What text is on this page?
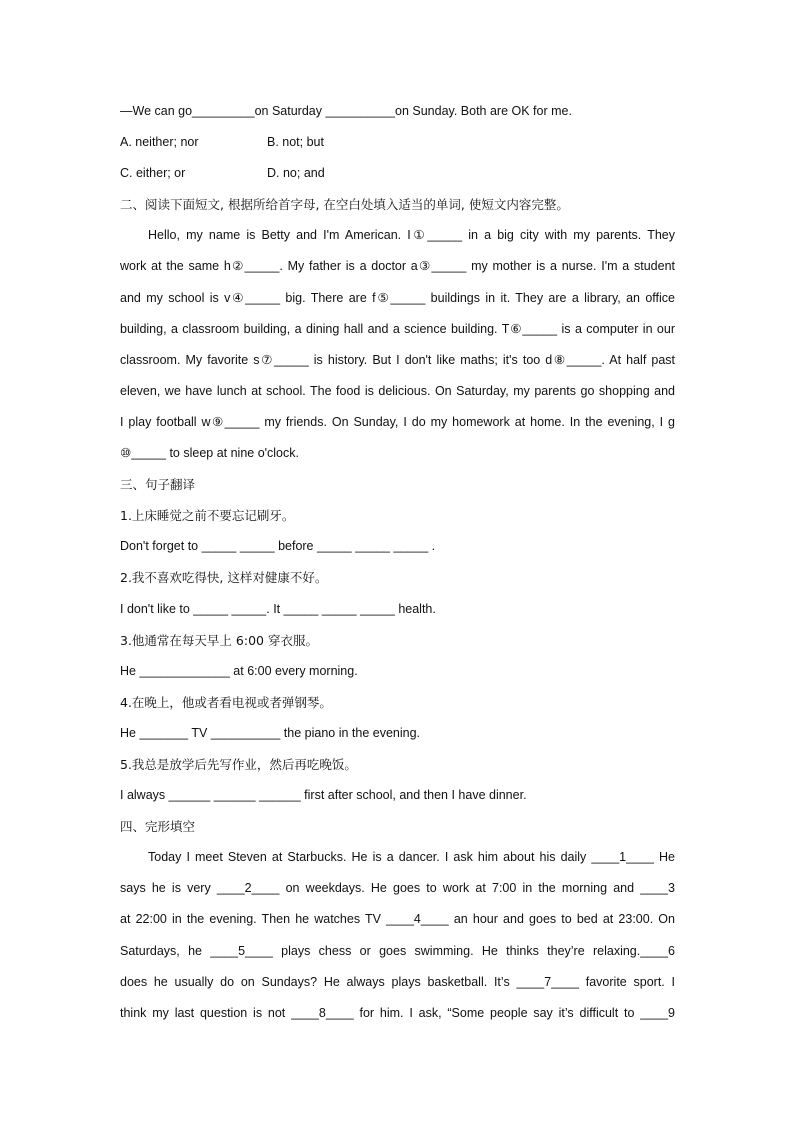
—We can go_________on Saturday __________on Sunday. Both are OK for me.
A. neither; nor	B. not; but
C. either; or	D. no; and
二、阅读下面短文, 根据所给首字母, 在空白处填入适当的单词, 使短文内容完整。
Hello, my name is Betty and I'm American. I①_____ in a big city with my parents. They
work at the same h②_____. My father is a doctor a③_____ my mother is a nurse. I'm a student
and my school is v④_____ big. There are f⑤_____ buildings in it. They are a library, an office
building, a classroom building, a dining hall and a science building. T⑥_____ is a computer in our
classroom. My favorite s⑦_____ is history. But I don't like maths; it's too d⑧_____. At half past
eleven, we have lunch at school. The food is delicious. On Saturday, my parents go shopping and
I play football w⑨_____ my friends. On Sunday, I do my homework at home. In the evening, I g
⑩_____ to sleep at nine o'clock.
三、句子翻译
1.上床睡觉之前不要忘记刷牙。
Don't forget to _____ _____ before _____ _____ _____ .
2.我不喜欢吃得快, 这样对健康不好。
I don't like to _____ _____. It _____ _____ _____ health.
3.他通常在每天早上 6:00 穿衣服。
He _____________ at 6:00 every morning.
4.在晚上，他或者看电视或者弹钢琴。
He _______ TV __________ the piano in the evening.
5.我总是放学后先写作业，然后再吃晚饭。
I always ______ ______ ______ first after school, and then I have dinner.
四、完形填空
Today I meet Steven at Starbucks. He is a dancer. I ask him about his daily ____1____ He
says he is very ____2____ on weekdays. He goes to work at 7:00 in the morning and ____3
at 22:00 in the evening. Then he watches TV ____4____ an hour and goes to bed at 23:00. On
Saturdays, he ____5____ plays chess or goes swimming. He thinks they’re relaxing.____6
does he usually do on Sundays? He always plays basketball. It’s ____7____ favorite sport. I
think my last question is not ____8____ for him. I ask, “Some people say it’s difficult to ____9
